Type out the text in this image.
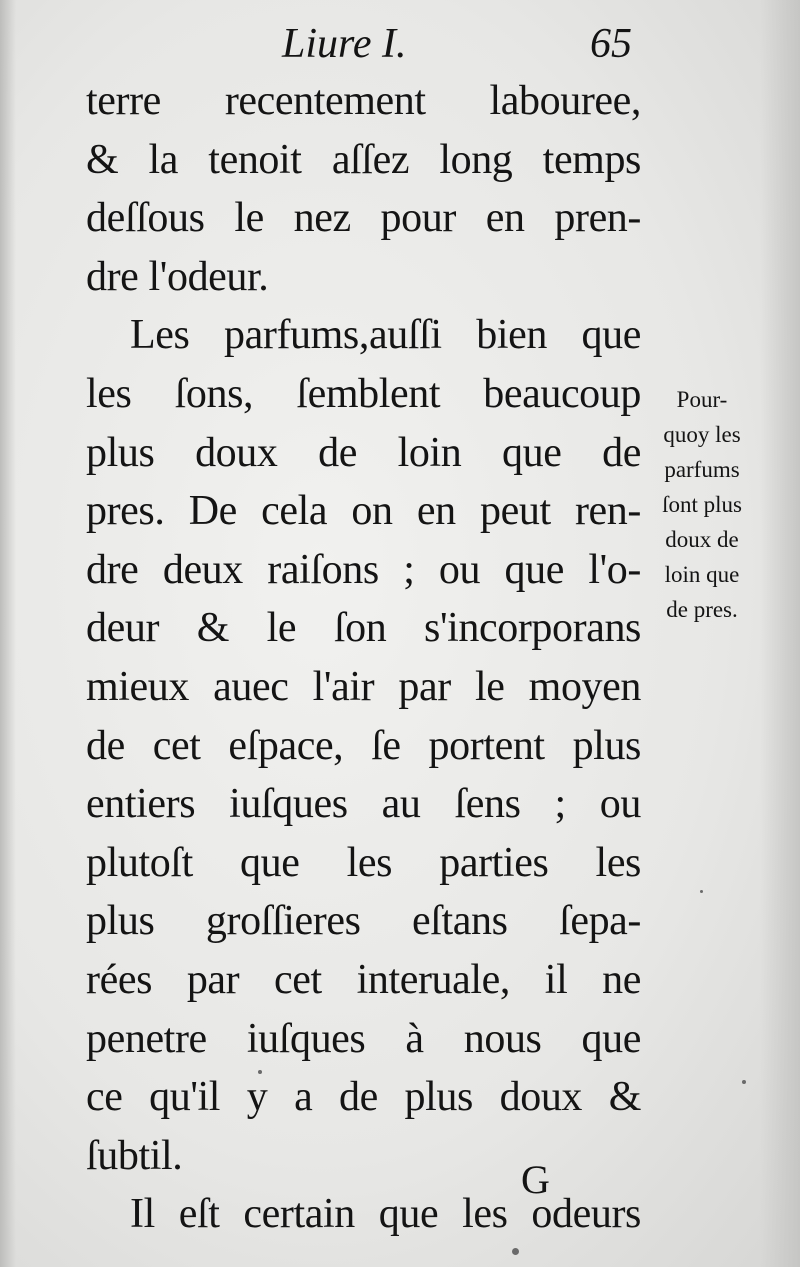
Liure I.	65
terre recentement labouree,
& la tenoit aſſez long temps
deſſous le nez pour en pren-
dre l'odeur.
Les parfums,auſſi bien que
les ſons, ſemblent beaucoup
plus doux de loin que de
pres. De cela on en peut ren-
dre deux raiſons ; ou que l'o-
deur & le ſon s'incorporans
mieux auec l'air par le moyen
de cet eſpace, ſe portent plus
entiers iuſques au ſens ; ou
plutoſt que les parties les
plus groſſieres eſtans ſepa-
rées par cet interuale, il ne
penetre iuſques à nous que
ce qu'il y a de plus doux &
ſubtil.
Il eſt certain que les odeurs
Pour-
quoy les
parfums
ſont plus
doux de
loin que
de pres.
G
